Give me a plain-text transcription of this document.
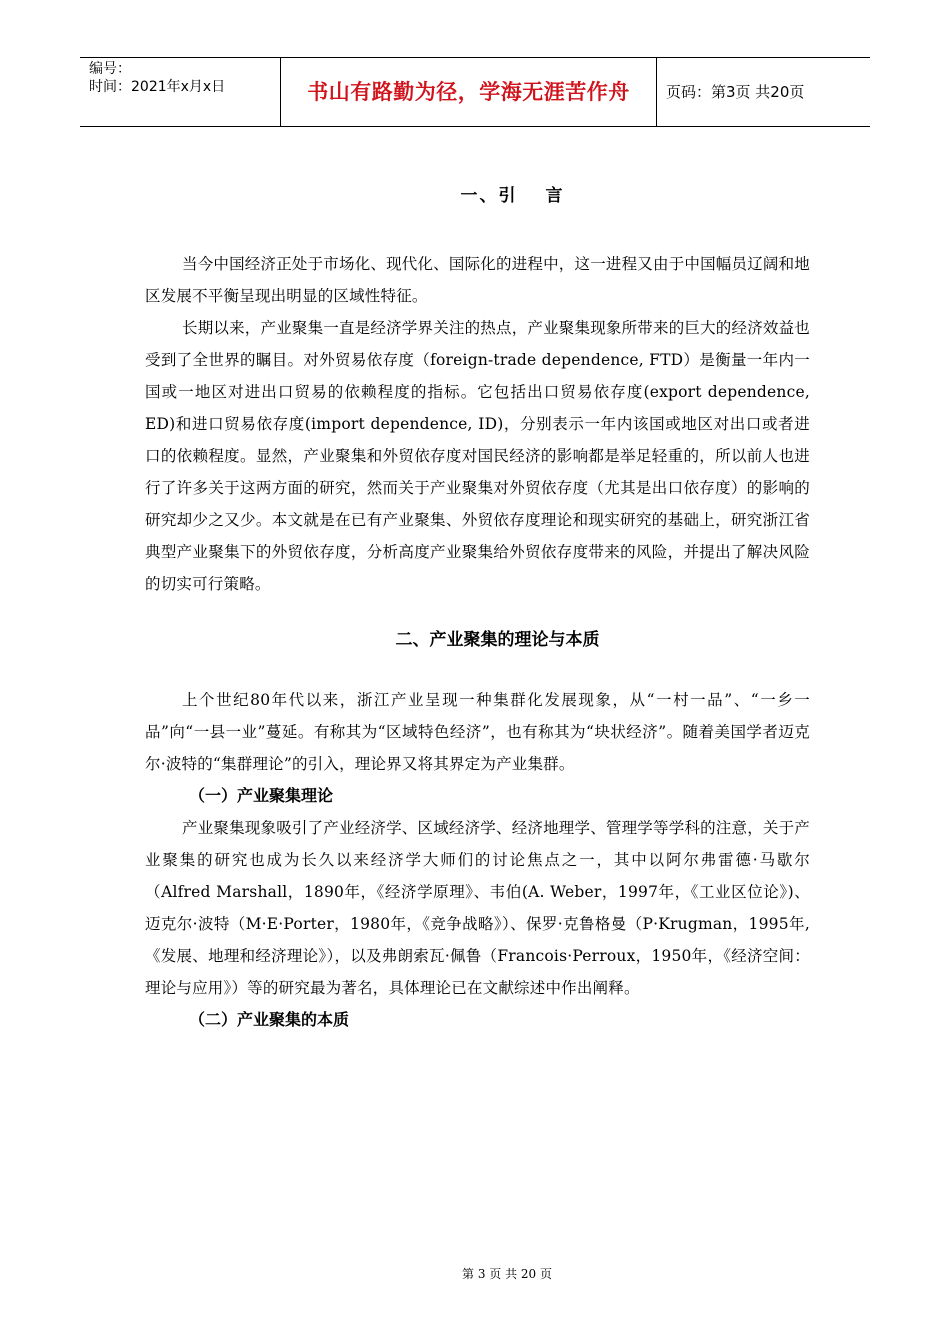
编号：
时间：2021年x月x日	书山有路勤为径，学海无涯苦作舟	页码：第3页 共20页
一、引 言

当今中国经济正处于市场化、现代化、国际化的进程中，这一进程又由于中国幅员辽阔和地区发展不平衡呈现出明显的区域性特征。

长期以来，产业聚集一直是经济学界关注的热点，产业聚集现象所带来的巨大的经济效益也受到了全世界的瞩目。对外贸易依存度（foreign-trade dependence, FTD）是衡量一年内一国或一地区对进出口贸易的依赖程度的指标。它包括出口贸易依存度(export dependence, ED)和进口贸易依存度(import dependence, ID)，分别表示一年内该国或地区对出口或者进口的依赖程度。显然，产业聚集和外贸依存度对国民经济的影响都是举足轻重的，所以前人也进行了许多关于这两方面的研究，然而关于产业聚集对外贸依存度（尤其是出口依存度）的影响的研究却少之又少。本文就是在已有产业聚集、外贸依存度理论和现实研究的基础上，研究浙江省典型产业聚集下的外贸依存度，分析高度产业聚集给外贸依存度带来的风险，并提出了解决风险的切实可行策略。

二、产业聚集的理论与本质

上个世纪80年代以来，浙江产业呈现一种集群化发展现象，从“一村一品”、“一乡一品”向“一县一业”蔓延。有称其为“区域特色经济”，也有称其为“块状经济”。随着美国学者迈克尔·波特的“集群理论”的引入，理论界又将其界定为产业集群。

（一）产业聚集理论

产业聚集现象吸引了产业经济学、区域经济学、经济地理学、管理学等学科的注意，关于产业聚集的研究也成为长久以来经济学大师们的讨论焦点之一，其中以阿尔弗雷德·马歇尔（Alfred Marshall，1890年，《经济学原理》、韦伯(A. Weber，1997年，《工业区位论》)、迈克尔·波特（M·E·Porter，1980年，《竞争战略》）、保罗·克鲁格曼（P·Krugman，1995年,《发展、地理和经济理论》），以及弗朗索瓦·佩鲁（Francois·Perroux，1950年，《经济空间：理论与应用》）等的研究最为著名，具体理论已在文献综述中作出阐释。

（二）产业聚集的本质
第 3 页 共 20 页
